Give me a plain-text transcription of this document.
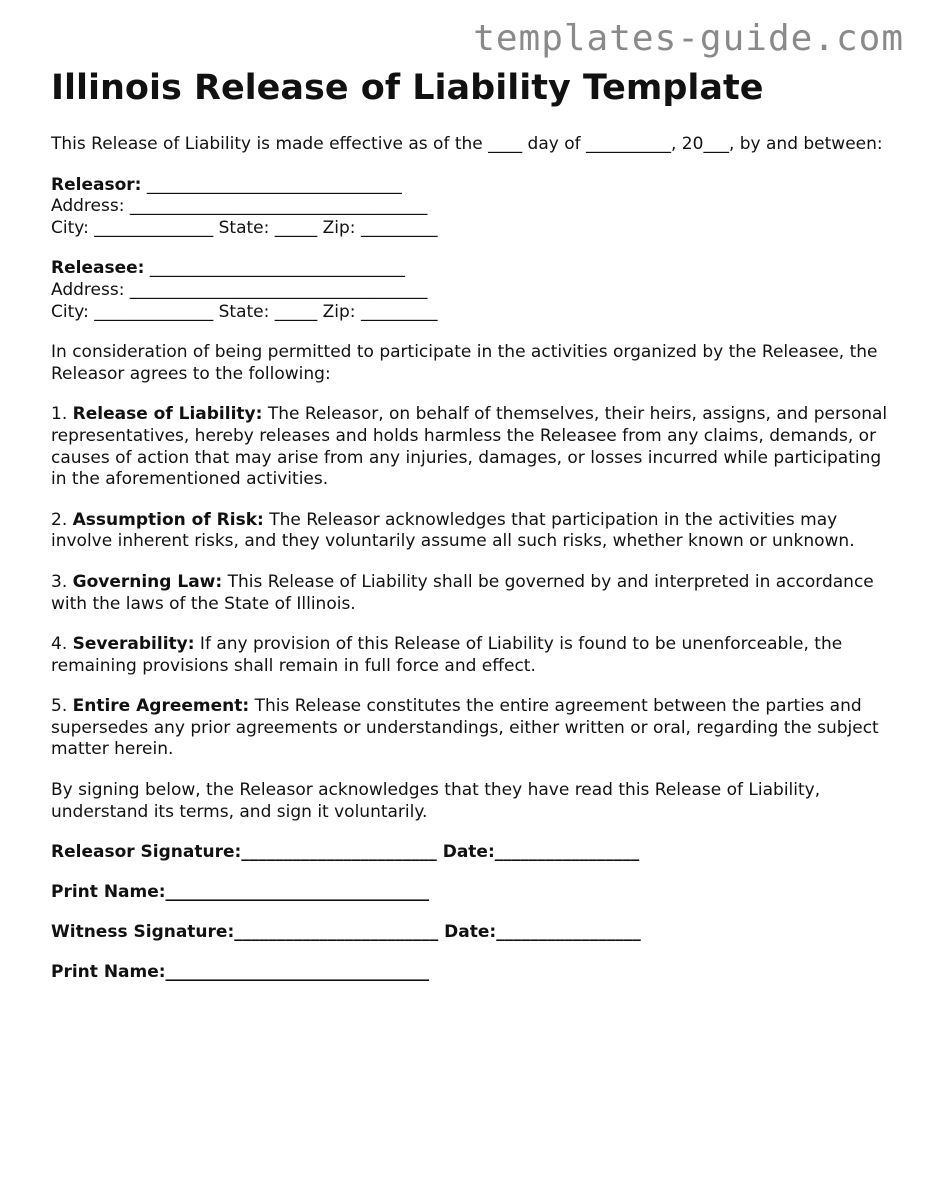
templates-guide.com

Illinois Release of Liability Template

This Release of Liability is made effective as of the ____ day of __________, 20___, by and between:

Releasor: ______________________________

Address: ___________________________________

City: ______________ State: _____ Zip: _________

Releasee: ______________________________

Address: ___________________________________

City: ______________ State: _____ Zip: _________

In consideration of being permitted to participate in the activities organized by the Releasee, the Releasor agrees to the following:

1. Release of Liability: The Releasor, on behalf of themselves, their heirs, assigns, and personal representatives, hereby releases and holds harmless the Releasee from any claims, demands, or causes of action that may arise from any injuries, damages, or losses incurred while participating in the aforementioned activities.

2. Assumption of Risk: The Releasor acknowledges that participation in the activities may involve inherent risks, and they voluntarily assume all such risks, whether known or unknown.

3. Governing Law: This Release of Liability shall be governed by and interpreted in accordance with the laws of the State of Illinois.

4. Severability: If any provision of this Release of Liability is found to be unenforceable, the remaining provisions shall remain in full force and effect.

5. Entire Agreement: This Release constitutes the entire agreement between the parties and supersedes any prior agreements or understandings, either written or oral, regarding the subject matter herein.

By signing below, the Releasor acknowledges that they have read this Release of Liability, understand its terms, and sign it voluntarily.

Releasor Signature:_______________________ Date:_________________

Print Name:_______________________________

Witness Signature:________________________ Date:_________________

Print Name:_______________________________
